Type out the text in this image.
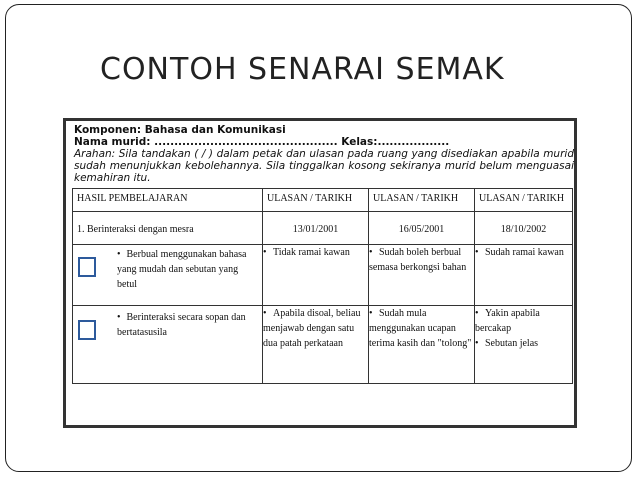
CONTOH SENARAI SEMAK
Komponen: Bahasa dan Komunikasi
Nama murid: .............................................. Kelas:..................
Arahan: Sila tandakan ( / ) dalam petak dan ulasan pada ruang yang disediakan apabila murid sudah menunjukkan kebolehannya. Sila tinggalkan kosong sekiranya murid belum menguasai kemahiran itu.
HASIL PEMBELAJARAN	ULASAN / TARIKH	ULASAN / TARIKH	ULASAN / TARIKH
1. Berinteraksi dengan mesra	13/01/2001	16/05/2001	18/10/2002

• Berbual menggunakan bahasa yang mudah dan sebutan yang betul	• Tidak ramai kawan	• Sudah boleh berbual semasa berkongsi bahan	• Sudah ramai kawan

• Berinteraksi secara sopan dan bertatasusila	• Apabila disoal, beliau menjawab dengan satu dua patah perkataan	• Sudah mula menggunakan ucapan terima kasih dan "tolong"	• Yakin apabila bercakap
• Sebutan jelas
